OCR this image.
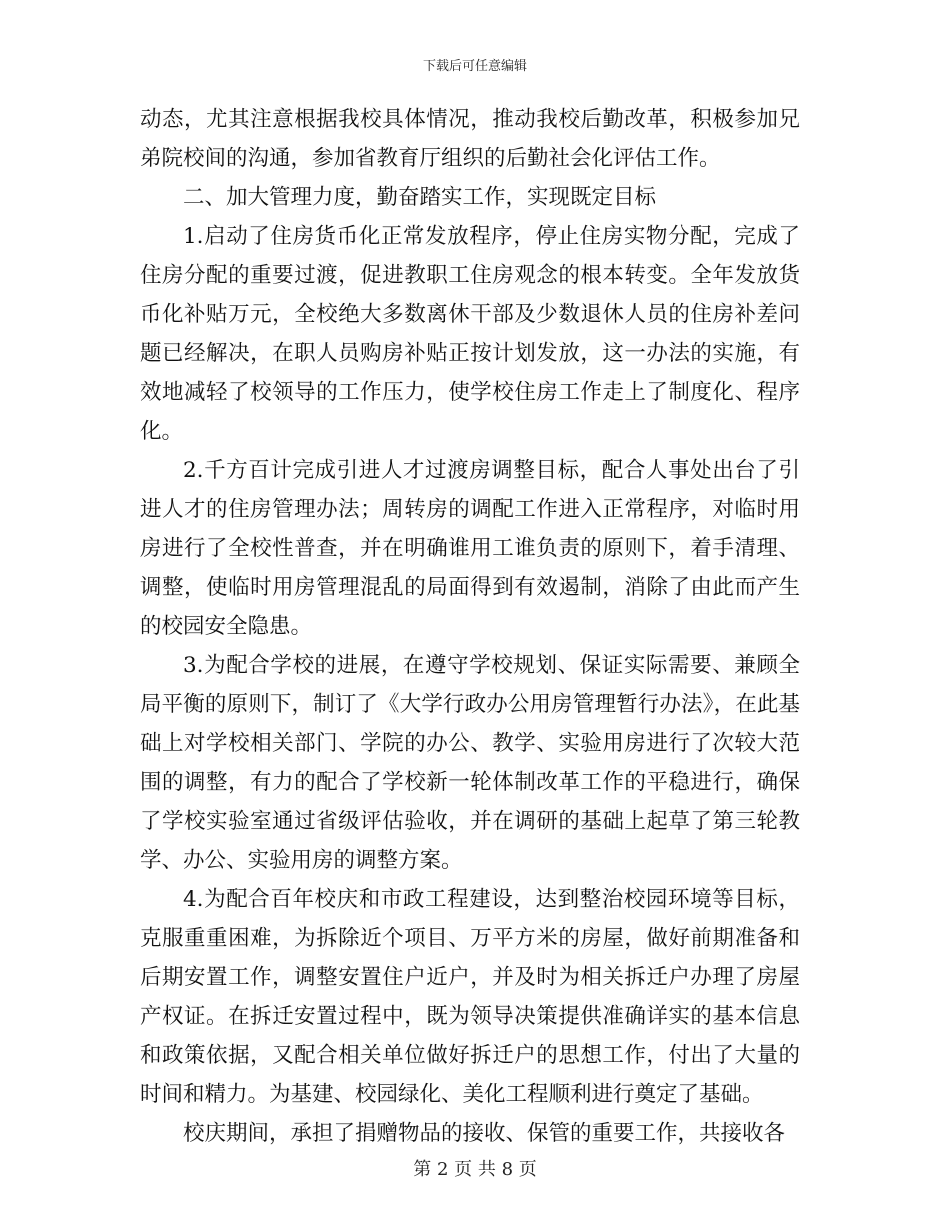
下载后可任意编辑

动态，尤其注意根据我校具体情况，推动我校后勤改革，积极参加兄弟院校间的沟通，参加省教育厅组织的后勤社会化评估工作。

二、加大管理力度，勤奋踏实工作，实现既定目标

1.启动了住房货币化正常发放程序，停止住房实物分配，完成了住房分配的重要过渡，促进教职工住房观念的根本转变。全年发放货币化补贴万元，全校绝大多数离休干部及少数退休人员的住房补差问题已经解决，在职人员购房补贴正按计划发放，这一办法的实施，有效地减轻了校领导的工作压力，使学校住房工作走上了制度化、程序化。

2.千方百计完成引进人才过渡房调整目标，配合人事处出台了引进人才的住房管理办法；周转房的调配工作进入正常程序，对临时用房进行了全校性普查，并在明确谁用工谁负责的原则下，着手清理、调整，使临时用房管理混乱的局面得到有效遏制，消除了由此而产生的校园安全隐患。

3.为配合学校的进展，在遵守学校规划、保证实际需要、兼顾全局平衡的原则下，制订了《大学行政办公用房管理暂行办法》，在此基础上对学校相关部门、学院的办公、教学、实验用房进行了次较大范围的调整，有力的配合了学校新一轮体制改革工作的平稳进行，确保了学校实验室通过省级评估验收，并在调研的基础上起草了第三轮教学、办公、实验用房的调整方案。

4.为配合百年校庆和市政工程建设，达到整治校园环境等目标，克服重重困难，为拆除近个项目、万平方米的房屋，做好前期准备和后期安置工作，调整安置住户近户，并及时为相关拆迁户办理了房屋产权证。在拆迁安置过程中，既为领导决策提供准确详实的基本信息和政策依据，又配合相关单位做好拆迁户的思想工作，付出了大量的时间和精力。为基建、校园绿化、美化工程顺利进行奠定了基础。

校庆期间，承担了捐赠物品的接收、保管的重要工作，共接收各

第 2 页 共 8 页
